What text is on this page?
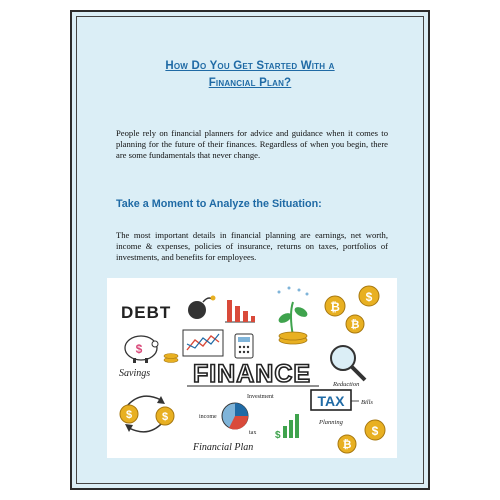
How Do You Get Started With a
Financial Plan?
People rely on financial planners for advice and guidance when it comes to planning for the future of their finances. Regardless of when you begin, there are some fundamentals that never change.
Take a Moment to Analyze the Situation:
The most important details in financial planning are earnings, net worth, income & expenses, policies of insurance, returns on taxes, portfolios of investments, and benefits for employees.
DEBT	₿
$
₿
$
Savings FINANCE
$	$
Investment
income
tax
Financial Plan
$
TAX
Reduction
Bills
Planning
$
₿
